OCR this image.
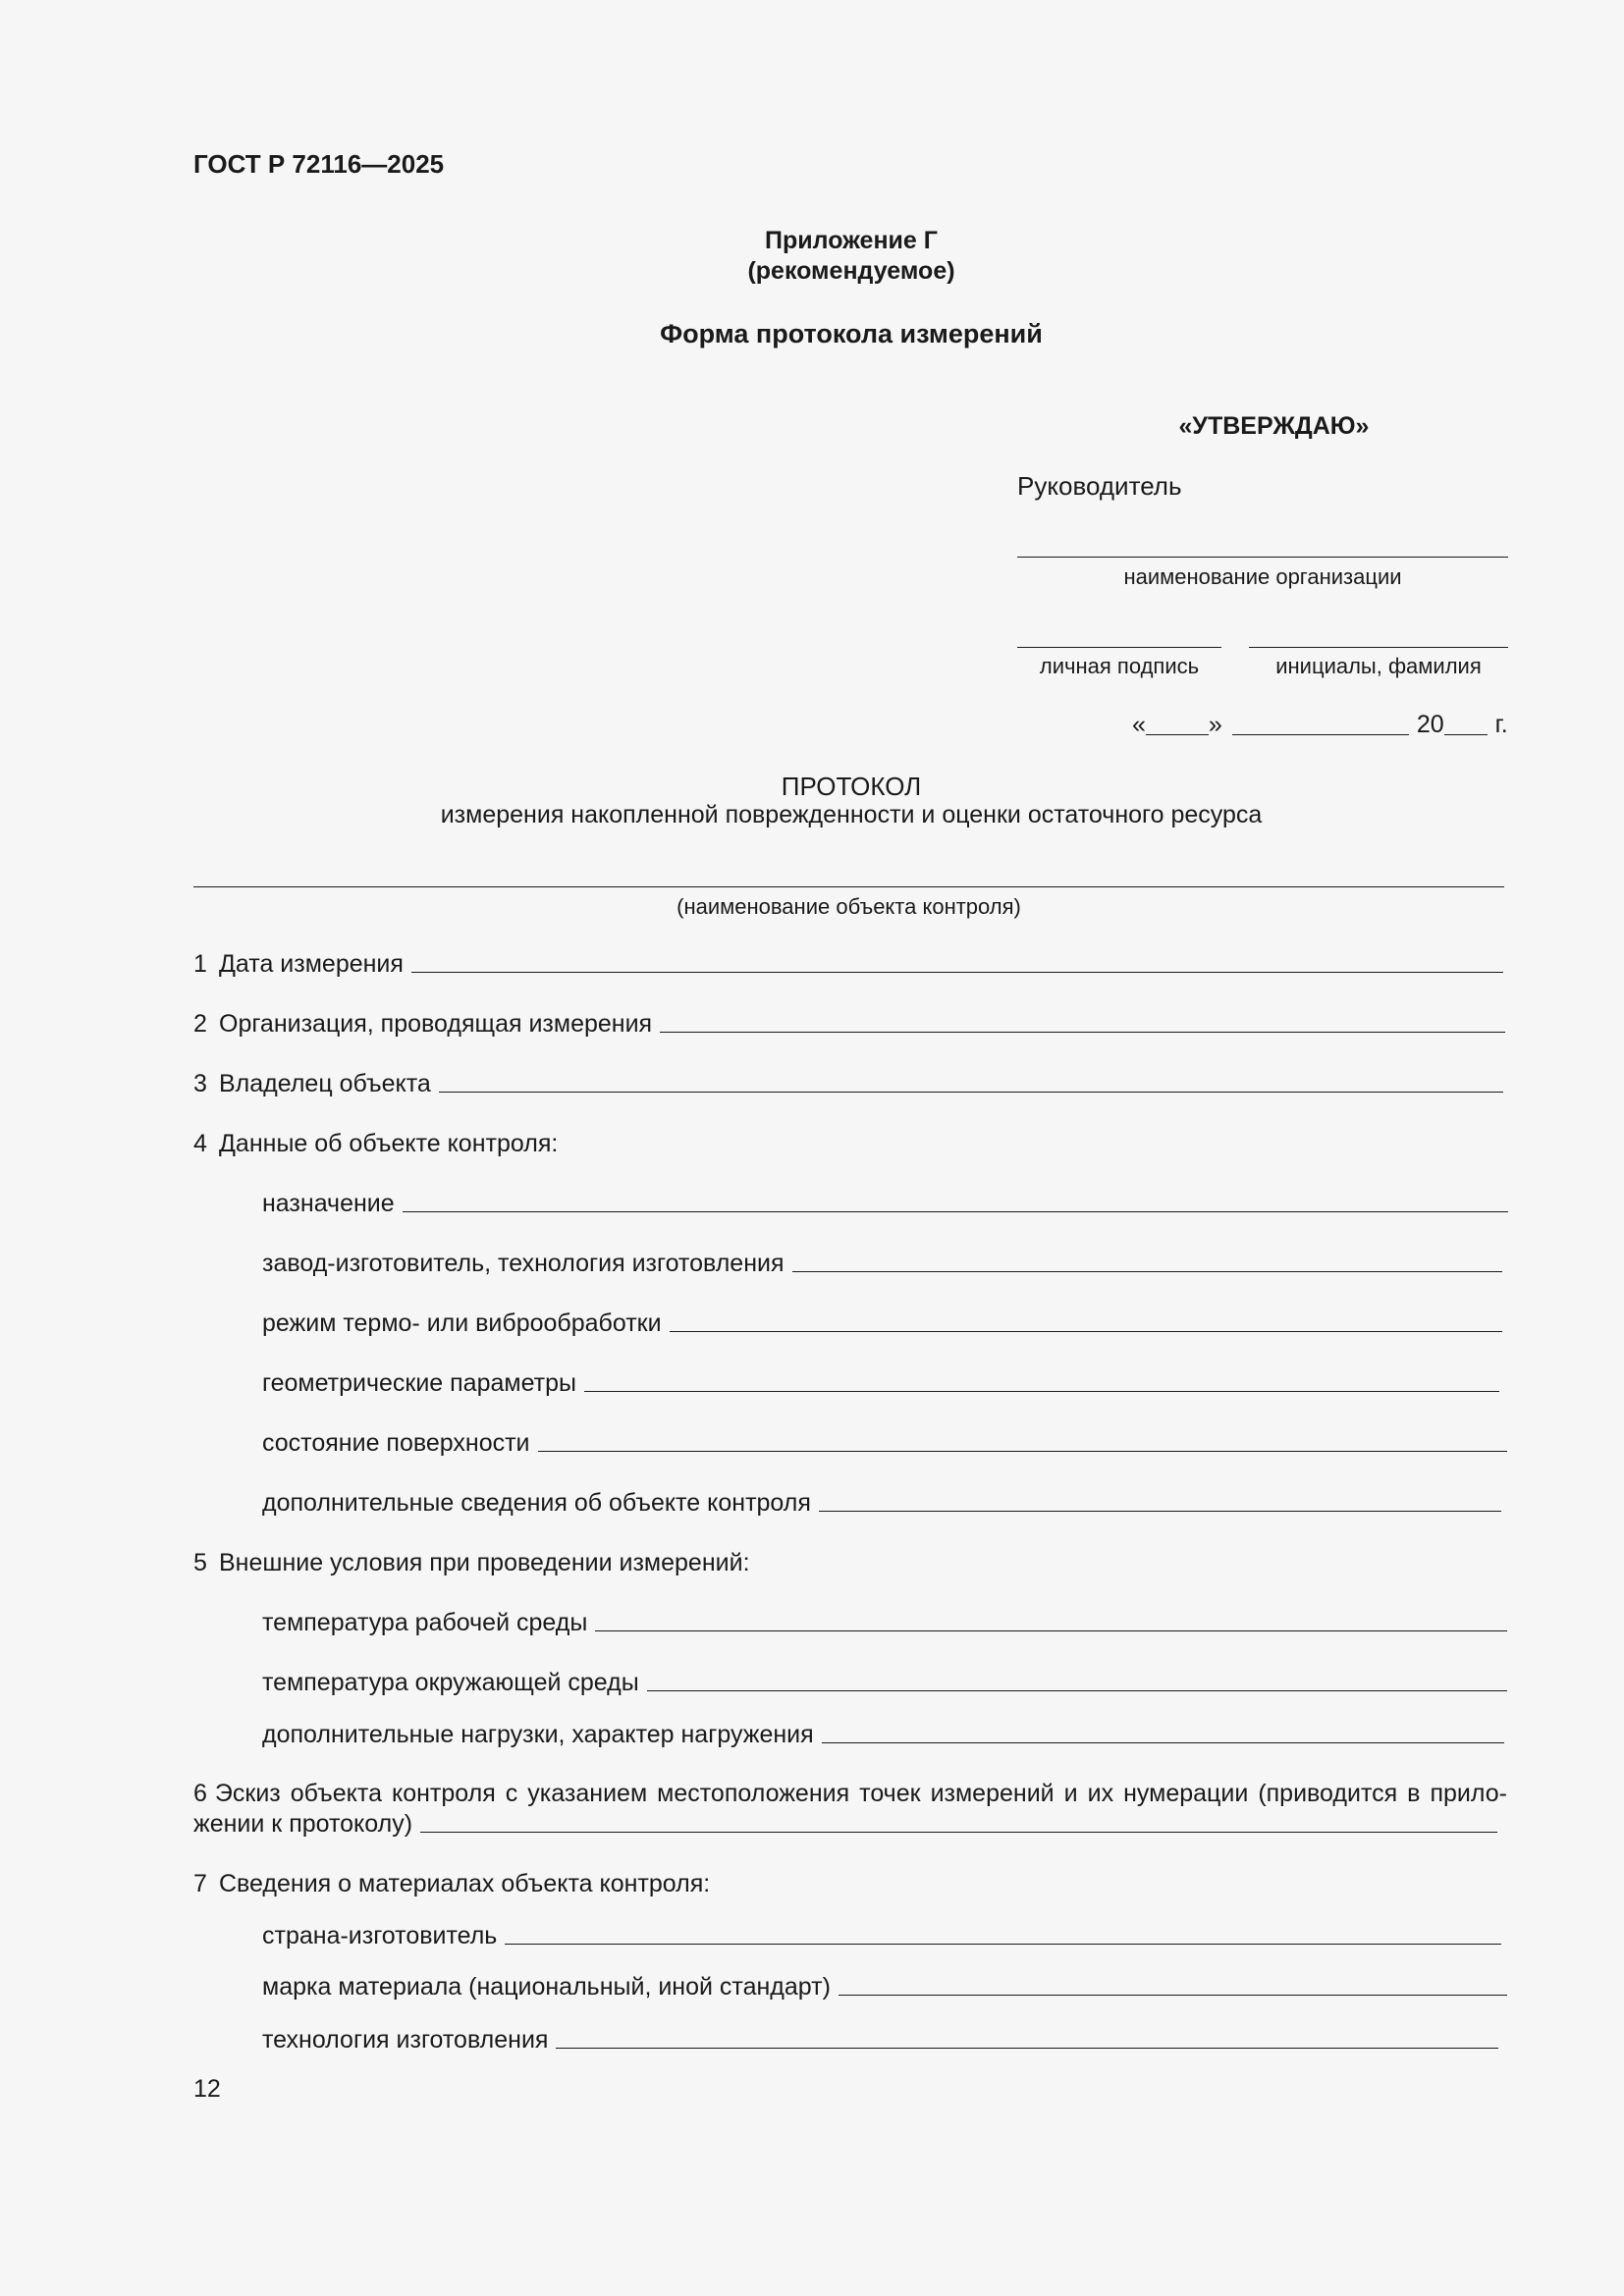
ГОСТ Р 72116—2025
Приложение Г
(рекомендуемое)
Форма протокола измерений
«УТВЕРЖДАЮ»
Руководитель
наименование организации
личная подпись	инициалы, фамилия
«	»	20 г.
ПРОТОКОЛ
измерения накопленной поврежденности и оценки остаточного ресурса
(наименование объекта контроля)
1 Дата измерения
2 Организация, проводящая измерения
3 Владелец объекта
4 Данные об объекте контроля:
назначение
завод-изготовитель, технология изготовления
режим термо- или виброобработки
геометрические параметры
состояние поверхности
дополнительные сведения об объекте контроля
5 Внешние условия при проведении измерений:
температура рабочей среды
температура окружающей среды
дополнительные нагрузки, характер нагружения
6 Эскиз объекта контроля с указанием местоположения точек измерений и их нумерации (приводится в прило-
жении к протоколу)
7 Сведения о материалах объекта контроля:
страна-изготовитель
марка материала (национальный, иной стандарт)
технология изготовления
12
